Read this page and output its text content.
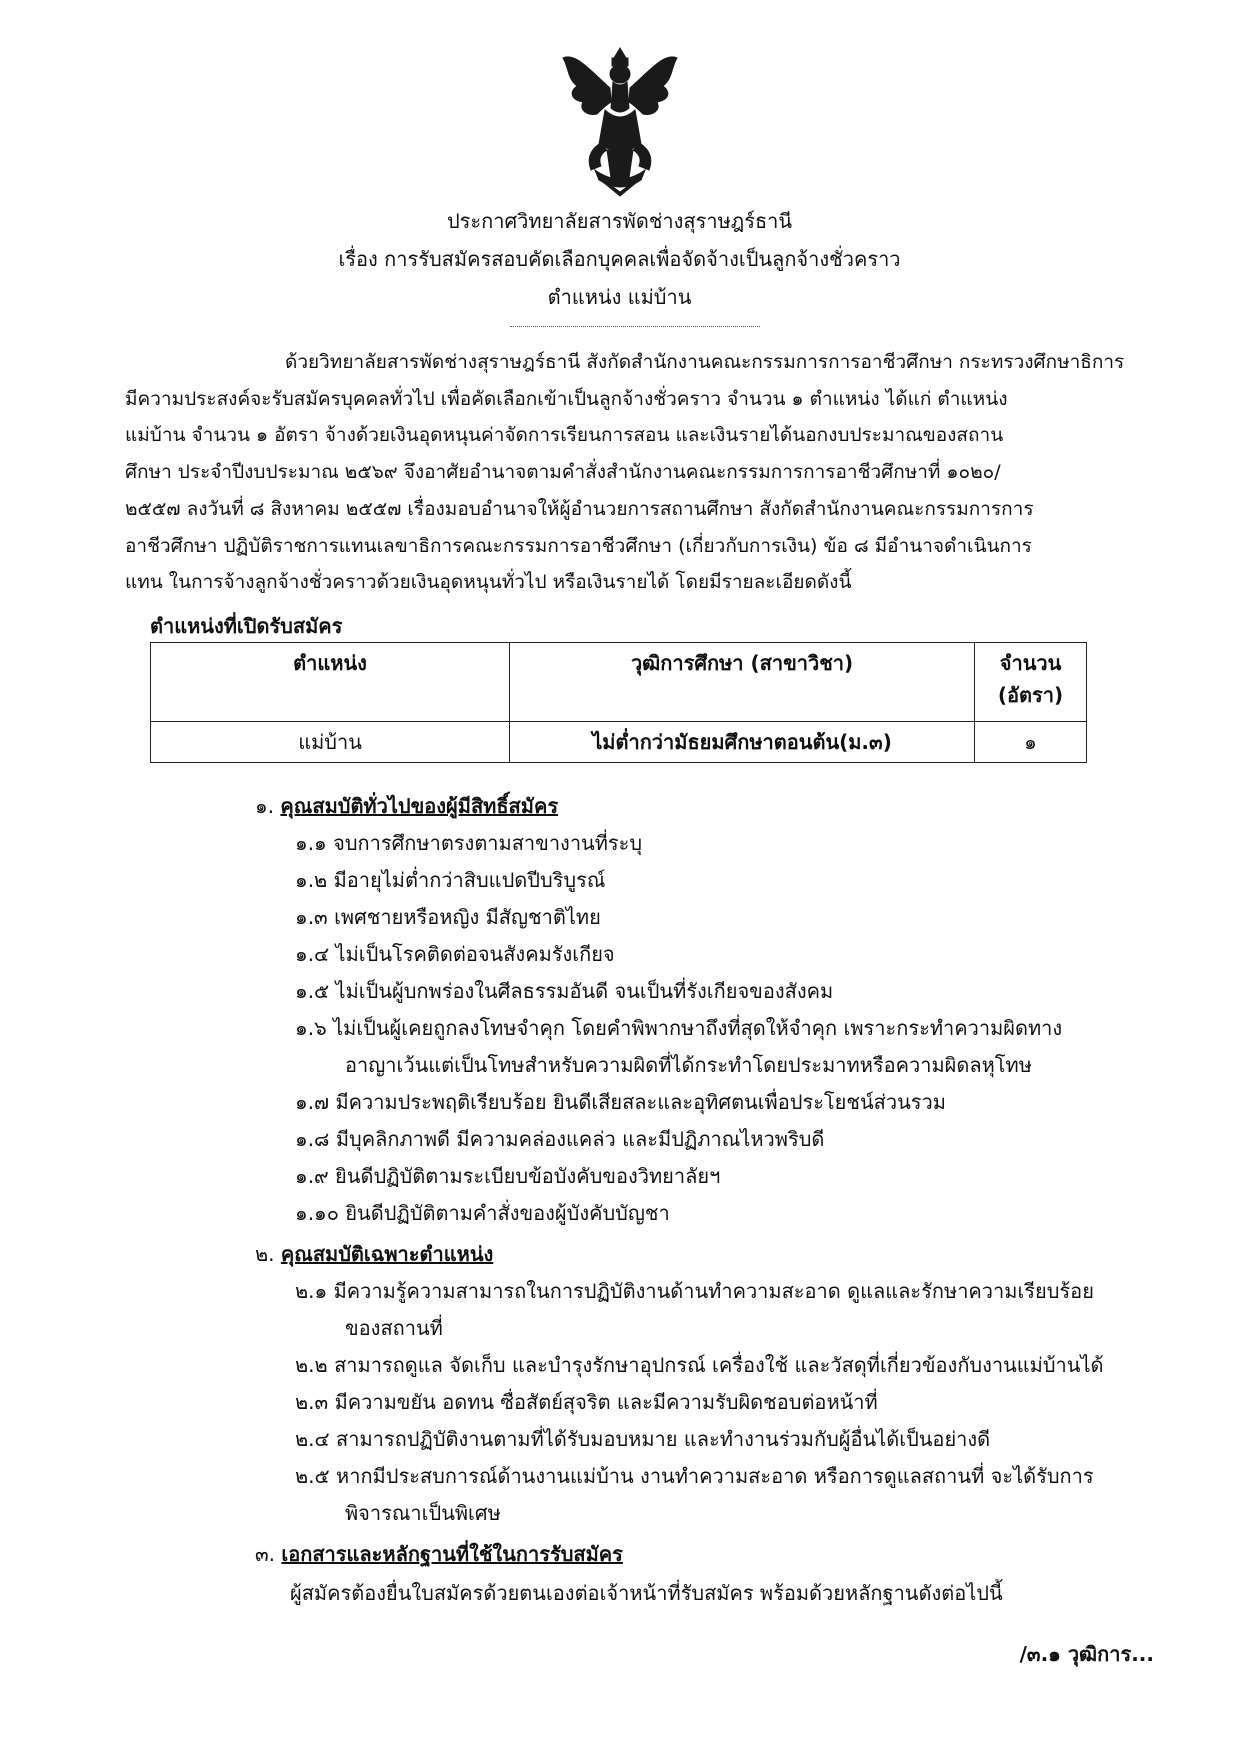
ประกาศวิทยาลัยสารพัดช่างสุราษฎร์ธานี
เรื่อง การรับสมัครสอบคัดเลือกบุคคลเพื่อจัดจ้างเป็นลูกจ้างชั่วคราว
ตำแหน่ง แม่บ้าน
ด้วยวิทยาลัยสารพัดช่างสุราษฎร์ธานี สังกัดสำนักงานคณะกรรมการการอาชีวศึกษา กระทรวงศึกษาธิการ
มีความประสงค์จะรับสมัครบุคคลทั่วไป เพื่อคัดเลือกเข้าเป็นลูกจ้างชั่วคราว จำนวน ๑ ตำแหน่ง ได้แก่ ตำแหน่ง
แม่บ้าน จำนวน ๑ อัตรา จ้างด้วยเงินอุดหนุนค่าจัดการเรียนการสอน และเงินรายได้นอกงบประมาณของสถาน
ศึกษา ประจำปีงบประมาณ ๒๕๖๙ จึงอาศัยอำนาจตามคำสั่งสำนักงานคณะกรรมการการอาชีวศึกษาที่ ๑๐๒๐/
๒๕๕๗ ลงวันที่ ๘ สิงหาคม ๒๕๕๗ เรื่องมอบอำนาจให้ผู้อำนวยการสถานศึกษา สังกัดสำนักงานคณะกรรมการการ
อาชีวศึกษา ปฏิบัติราชการแทนเลขาธิการคณะกรรมการอาชีวศึกษา (เกี่ยวกับการเงิน) ข้อ ๘ มีอำนาจดำเนินการ
แทน ในการจ้างลูกจ้างชั่วคราวด้วยเงินอุดหนุนทั่วไป หรือเงินรายได้ โดยมีรายละเอียดดังนี้
ตำแหน่งที่เปิดรับสมัคร
ตำแหน่ง	วุฒิการศึกษา (สาขาวิชา)	จำนวน (อัตรา)
แม่บ้าน	ไม่ต่ำกว่ามัธยมศึกษาตอนต้น(ม.๓)	๑
๑. คุณสมบัติทั่วไปของผู้มีสิทธิ์สมัคร
๑.๑ จบการศึกษาตรงตามสาขางานที่ระบุ
๑.๒ มีอายุไม่ต่ำกว่าสิบแปดปีบริบูรณ์
๑.๓ เพศชายหรือหญิง มีสัญชาติไทย
๑.๔ ไม่เป็นโรคติดต่อจนสังคมรังเกียจ
๑.๕ ไม่เป็นผู้บกพร่องในศีลธรรมอันดี จนเป็นที่รังเกียจของสังคม
๑.๖ ไม่เป็นผู้เคยถูกลงโทษจำคุก โดยคำพิพากษาถึงที่สุดให้จำคุก เพราะกระทำความผิดทาง
อาญาเว้นแต่เป็นโทษสำหรับความผิดที่ได้กระทำโดยประมาทหรือความผิดลหุโทษ
๑.๗ มีความประพฤติเรียบร้อย ยินดีเสียสละและอุทิศตนเพื่อประโยชน์ส่วนรวม
๑.๘ มีบุคลิกภาพดี มีความคล่องแคล่ว และมีปฏิภาณไหวพริบดี
๑.๙ ยินดีปฏิบัติตามระเบียบข้อบังคับของวิทยาลัยฯ
๑.๑๐ ยินดีปฏิบัติตามคำสั่งของผู้บังคับบัญชา
๒. คุณสมบัติเฉพาะตำแหน่ง
๒.๑ มีความรู้ความสามารถในการปฏิบัติงานด้านทำความสะอาด ดูแลและรักษาความเรียบร้อย
ของสถานที่
๒.๒ สามารถดูแล จัดเก็บ และบำรุงรักษาอุปกรณ์ เครื่องใช้ และวัสดุที่เกี่ยวข้องกับงานแม่บ้านได้
๒.๓ มีความขยัน อดทน ซื่อสัตย์สุจริต และมีความรับผิดชอบต่อหน้าที่
๒.๔ สามารถปฏิบัติงานตามที่ได้รับมอบหมาย และทำงานร่วมกับผู้อื่นได้เป็นอย่างดี
๒.๕ หากมีประสบการณ์ด้านงานแม่บ้าน งานทำความสะอาด หรือการดูแลสถานที่ จะได้รับการ
พิจารณาเป็นพิเศษ
๓. เอกสารและหลักฐานที่ใช้ในการรับสมัคร
ผู้สมัครต้องยื่นใบสมัครด้วยตนเองต่อเจ้าหน้าที่รับสมัคร พร้อมด้วยหลักฐานดังต่อไปนี้
/๓.๑ วุฒิการ...
